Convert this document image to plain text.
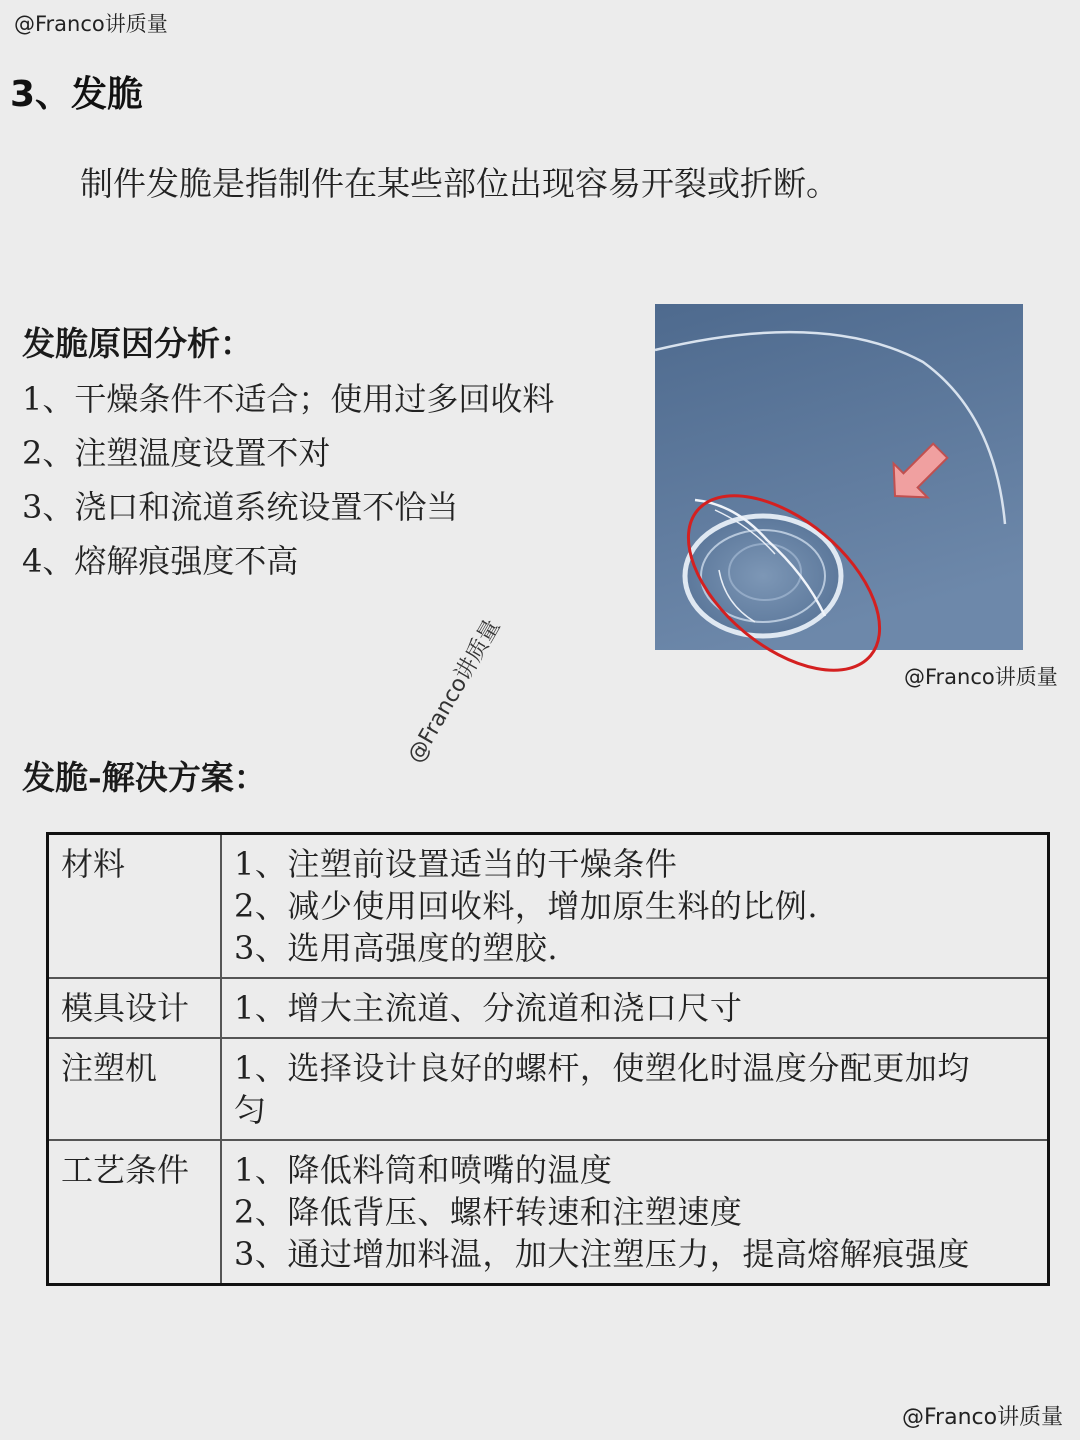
@Franco讲质量
3、发脆

制件发脆是指制件在某些部位出现容易开裂或折断。

发脆原因分析：
1、干燥条件不适合；使用过多回收料
2、注塑温度设置不对
3、浇口和流道系统设置不恰当
4、熔解痕强度不高
@Franco讲质量
@Franco讲质量
发脆-解决方案：
材料	1、注塑前设置适当的干燥条件
2、减少使用回收料，增加原生料的比例.
3、选用高强度的塑胶.
模具设计	1、增大主流道、分流道和浇口尺寸
注塑机	1、选择设计良好的螺杆，使塑化时温度分配更加均
匀
工艺条件	1、降低料筒和喷嘴的温度
2、降低背压、螺杆转速和注塑速度
3、通过增加料温，加大注塑压力，提高熔解痕强度
@Franco讲质量
